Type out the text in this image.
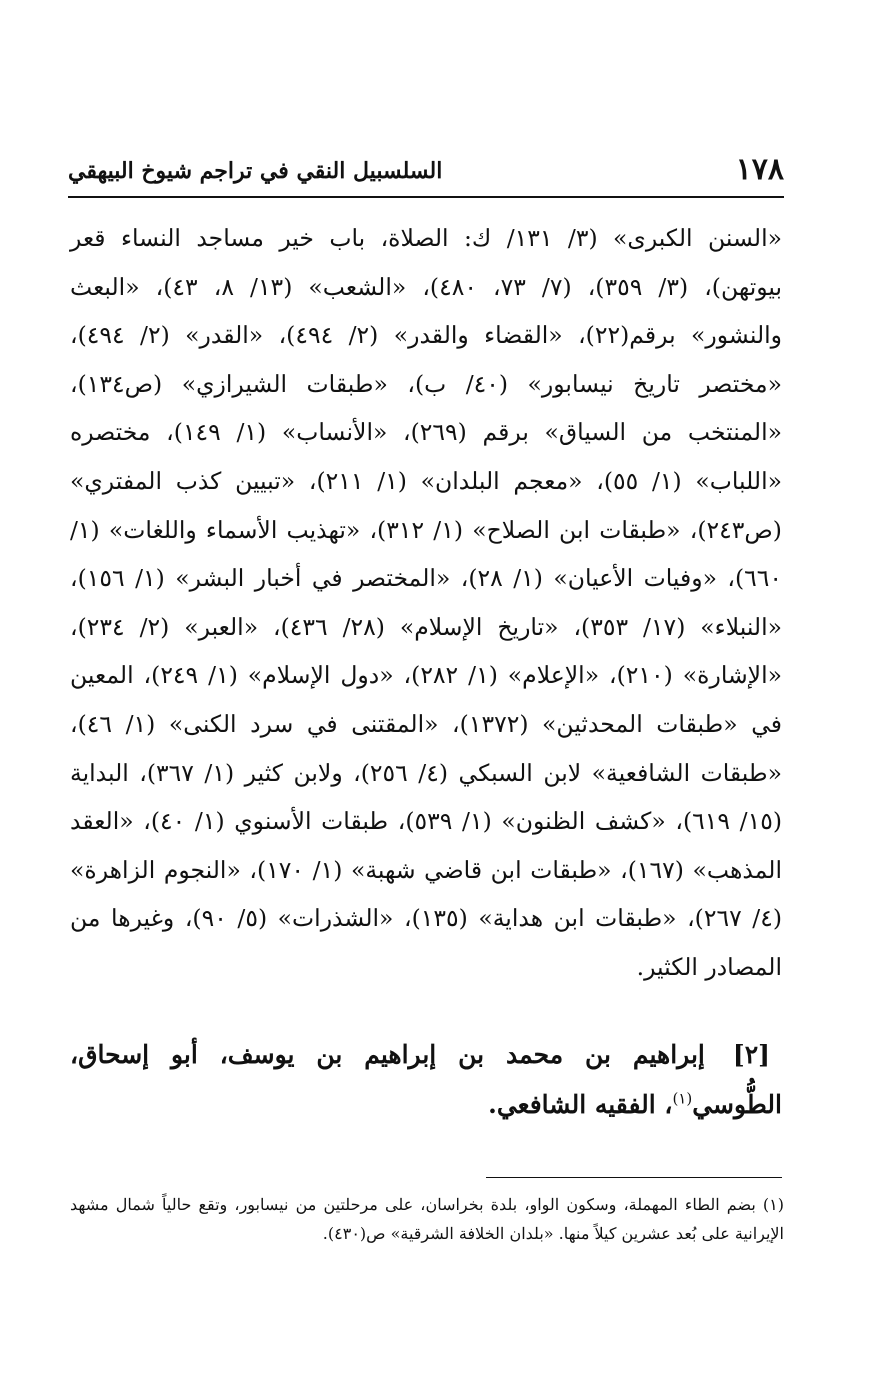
١٧٨
السلسبيل النقي في تراجم شيوخ البيهقي

«السنن الكبرى» (٣/ ١٣١/ ك: الصلاة، باب خير مساجد النساء قعر بيوتهن)، (٣/ ٣٥٩)، (٧/ ٧٣، ٤٨٠)، «الشعب» (١٣/ ٨، ٤٣)، «البعث والنشور» برقم(٢٢)، «القضاء والقدر» (٢/ ٤٩٤)، «القدر» (٢/ ٤٩٤)، «مختصر تاريخ نيسابور» (٤٠/ ب)، «طبقات الشيرازي» (ص١٣٤)، «المنتخب من السياق» برقم (٢٦٩)، «الأنساب» (١/ ١٤٩)، مختصره «اللباب» (١/ ٥٥)، «معجم البلدان» (١/ ٢١١)، «تبيين كذب المفتري» (ص٢٤٣)، «طبقات ابن الصلاح» (١/ ٣١٢)، «تهذيب الأسماء واللغات» (١/ ٦٦٠)، «وفيات الأعيان» (١/ ٢٨)، «المختصر في أخبار البشر» (١/ ١٥٦)، «النبلاء» (١٧/ ٣٥٣)، «تاريخ الإسلام» (٢٨/ ٤٣٦)، «العبر» (٢/ ٢٣٤)، «الإشارة» (٢١٠)، «الإعلام» (١/ ٢٨٢)، «دول الإسلام» (١/ ٢٤٩)، المعين في «طبقات المحدثين» (١٣٧٢)، «المقتنى في سرد الكنى» (١/ ٤٦)، «طبقات الشافعية» لابن السبكي (٤/ ٢٥٦)، ولابن كثير (١/ ٣٦٧)، البداية (١٥/ ٦١٩)، «كشف الظنون» (١/ ٥٣٩)، طبقات الأسنوي (١/ ٤٠)، «العقد المذهب» (١٦٧)، «طبقات ابن قاضي شهبة» (١/ ١٧٠)، «النجوم الزاهرة» (٤/ ٢٦٧)، «طبقات ابن هداية» (١٣٥)، «الشذرات» (٥/ ٩٠)، وغيرها من المصادر الكثير.

[٢]إبراهيم بن محمد بن إبراهيم بن يوسف، أبو إسحاق، الطُّوسي$^{(١)}$، الفقيه الشافعي.

(١) بضم الطاء المهملة، وسكون الواو، بلدة بخراسان، على مرحلتين من نيسابور، وتقع حالياً شمال مشهد الإيرانية على بُعد عشرين كيلاً منها. «بلدان الخلافة الشرقية» ص(٤٣٠).
